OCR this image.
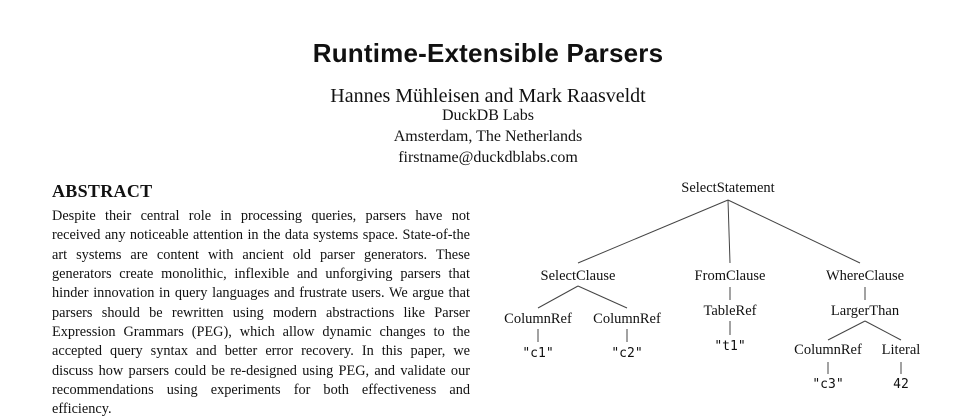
Runtime-Extensible Parsers
Hannes Mühleisen and Mark Raasveldt
DuckDB Labs
Amsterdam, The Netherlands
firstname@duckdblabs.com
ABSTRACT
Despite their central role in processing queries, parsers have not received any noticeable attention in the data systems space. State-of-the art systems are content with ancient old parser generators. These generators create monolithic, inflexible and unforgiving parsers that hinder innovation in query languages and frustrate users. We argue that parsers should be rewritten using modern abstractions like Parser Expression Grammars (PEG), which allow dynamic changes to the accepted query syntax and better error recovery. In this paper, we discuss how parsers could be re-designed using PEG, and validate our recommendations using experiments for both effectiveness and efficiency.
SelectStatement
SelectClause	FromClause	WhereClause
ColumnRef ColumnRef	TableRef	LargerThan
ColumnRef Literal
"c1"	"c2"	"t1"
"c3"	42
